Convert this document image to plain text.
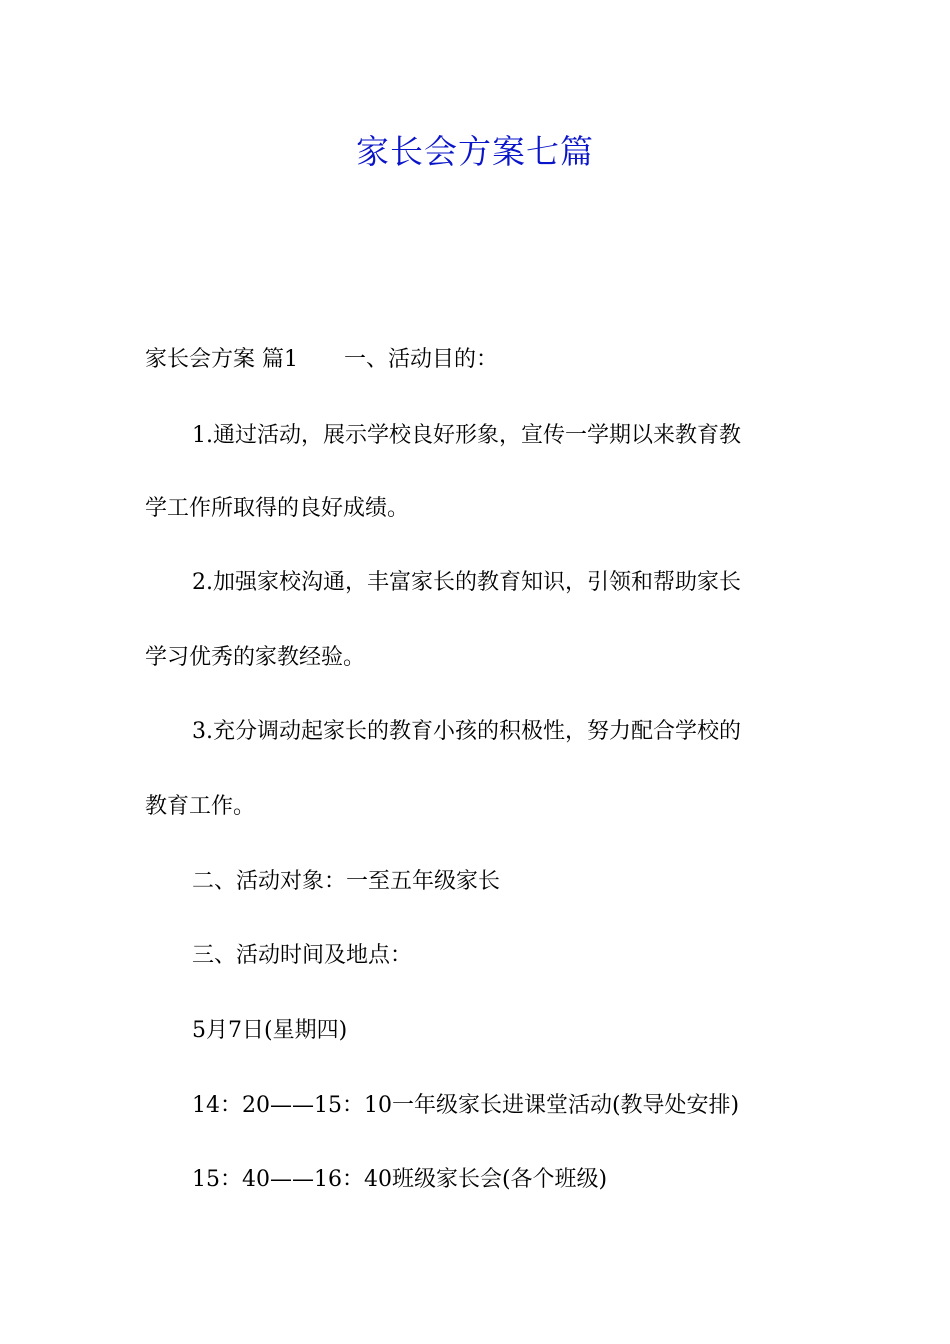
家长会方案七篇
家长会方案 篇1 一、活动目的：
1.通过活动，展示学校良好形象，宣传一学期以来教育教
学工作所取得的良好成绩。
2.加强家校沟通，丰富家长的教育知识，引领和帮助家长
学习优秀的家教经验。
3.充分调动起家长的教育小孩的积极性，努力配合学校的
教育工作。
二、活动对象：一至五年级家长
三、活动时间及地点：
5月7日(星期四)
14：20——15：10一年级家长进课堂活动(教导处安排)
15：40——16：40班级家长会(各个班级)
